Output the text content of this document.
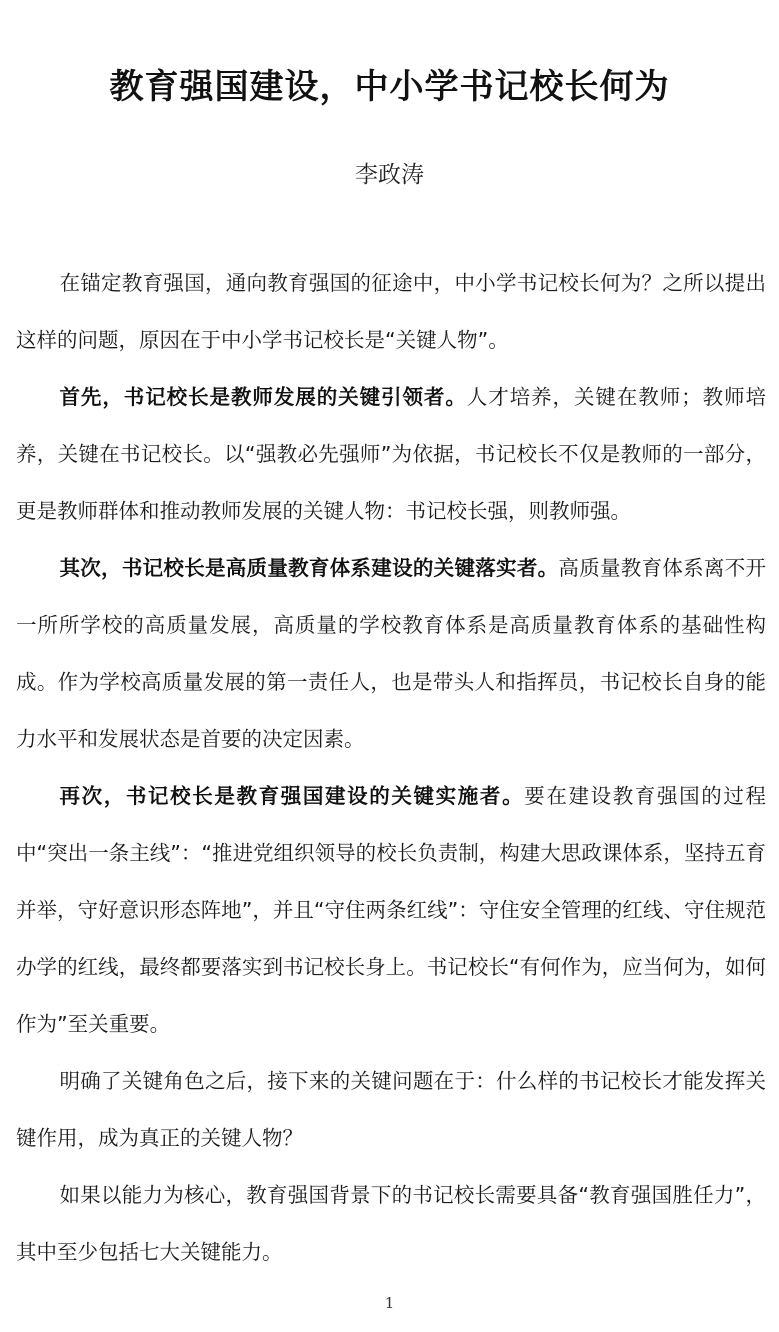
教育强国建设，中小学书记校长何为
李政涛

在锚定教育强国，通向教育强国的征途中，中小学书记校长何为？之所以提出这样的问题，原因在于中小学书记校长是“关键人物”。

首先，书记校长是教师发展的关键引领者。人才培养，关键在教师；教师培养，关键在书记校长。以“强教必先强师”为依据，书记校长不仅是教师的一部分，更是教师群体和推动教师发展的关键人物：书记校长强，则教师强。

其次，书记校长是高质量教育体系建设的关键落实者。高质量教育体系离不开一所所学校的高质量发展，高质量的学校教育体系是高质量教育体系的基础性构成。作为学校高质量发展的第一责任人，也是带头人和指挥员，书记校长自身的能力水平和发展状态是首要的决定因素。

再次，书记校长是教育强国建设的关键实施者。要在建设教育强国的过程中“突出一条主线”：“推进党组织领导的校长负责制，构建大思政课体系，坚持五育并举，守好意识形态阵地”，并且“守住两条红线”：守住安全管理的红线、守住规范办学的红线，最终都要落实到书记校长身上。书记校长“有何作为，应当何为，如何作为”至关重要。

明确了关键角色之后，接下来的关键问题在于：什么样的书记校长才能发挥关键作用，成为真正的关键人物？

如果以能力为核心，教育强国背景下的书记校长需要具备“教育强国胜任力”，其中至少包括七大关键能力。

1
